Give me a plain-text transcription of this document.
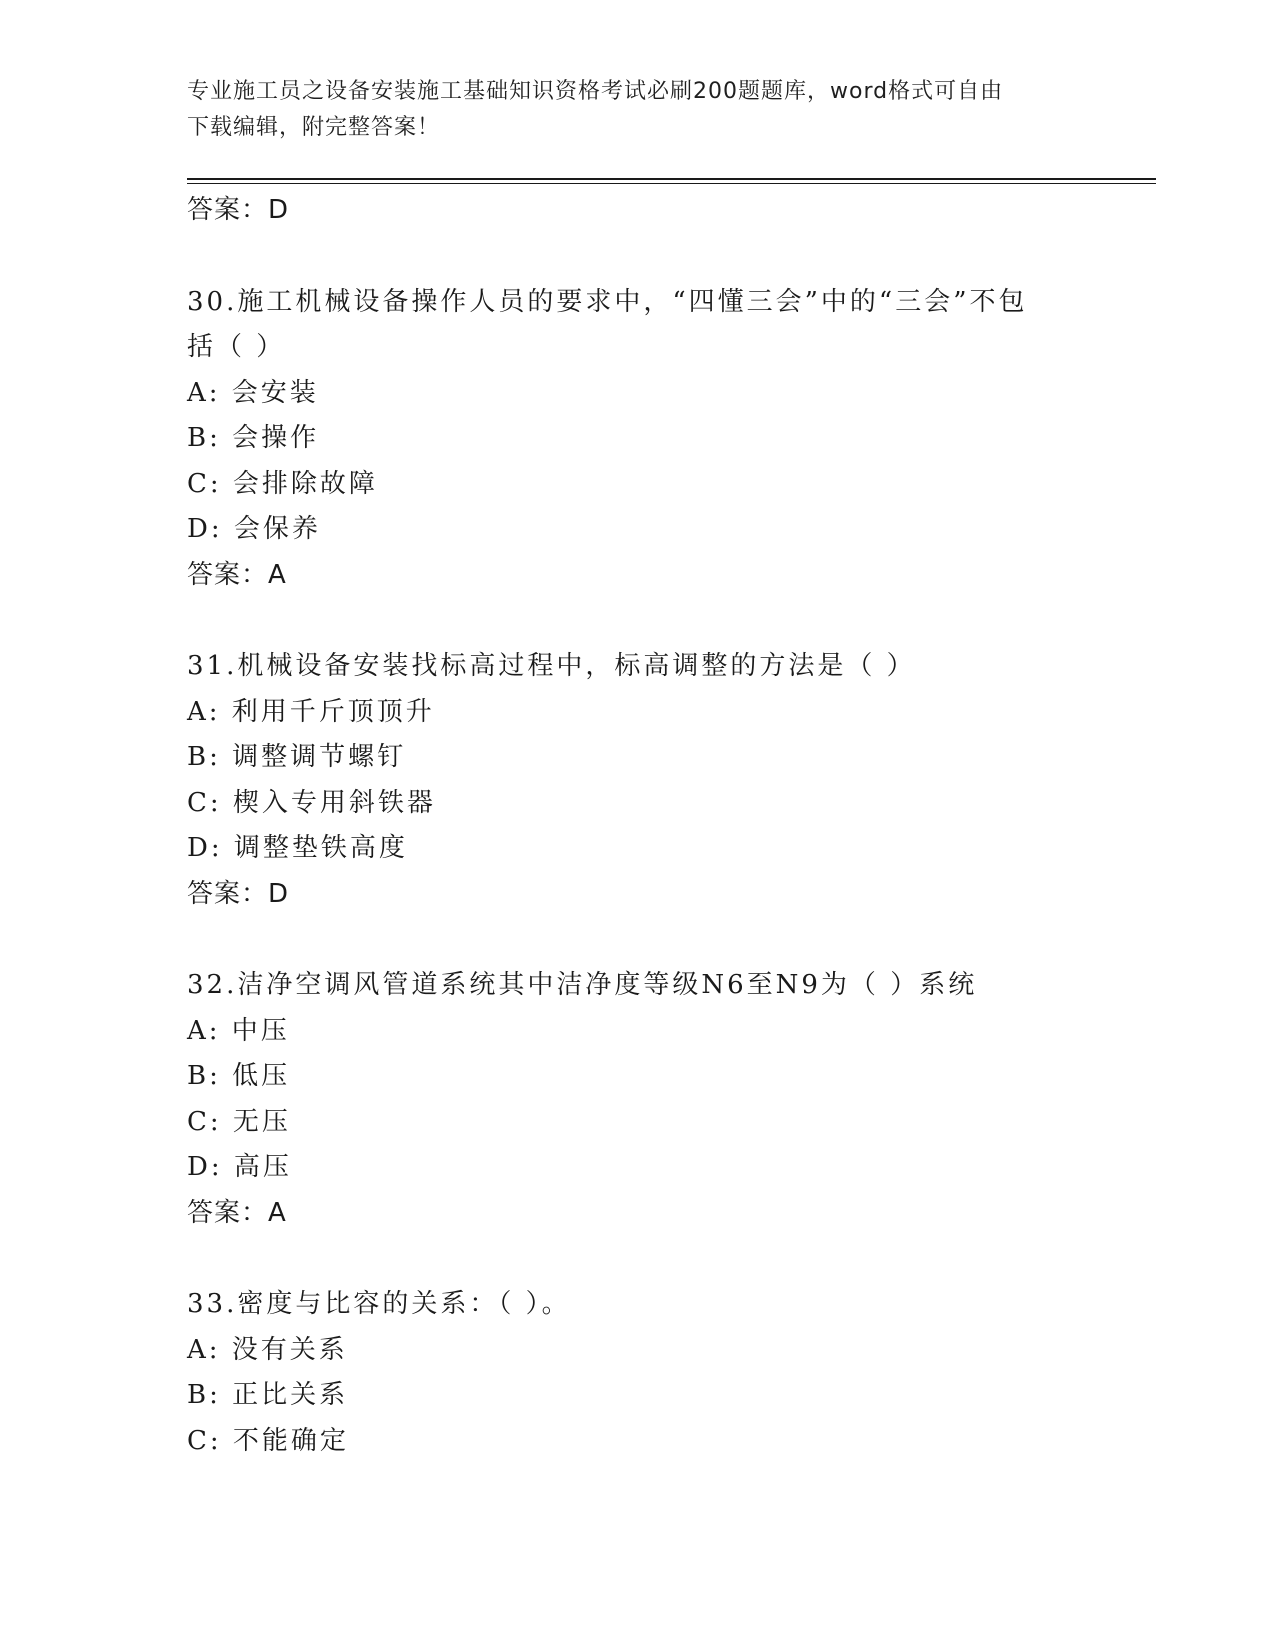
专业施工员之设备安装施工基础知识资格考试必刷200题题库，word格式可自由
下载编辑，附完整答案！
答案：D
30.施工机械设备操作人员的要求中，“四懂三会”中的“三会”不包
括（ ）
A: 会安装
B: 会操作
C: 会排除故障
D: 会保养
答案：A
31.机械设备安装找标高过程中，标高调整的方法是（ ）
A: 利用千斤顶顶升
B: 调整调节螺钉
C: 楔入专用斜铁器
D: 调整垫铁高度
答案：D
32.洁净空调风管道系统其中洁净度等级N6至N9为（ ）系统
A: 中压
B: 低压
C: 无压
D: 高压
答案：A
33.密度与比容的关系：（ ）。
A: 没有关系
B: 正比关系
C: 不能确定
